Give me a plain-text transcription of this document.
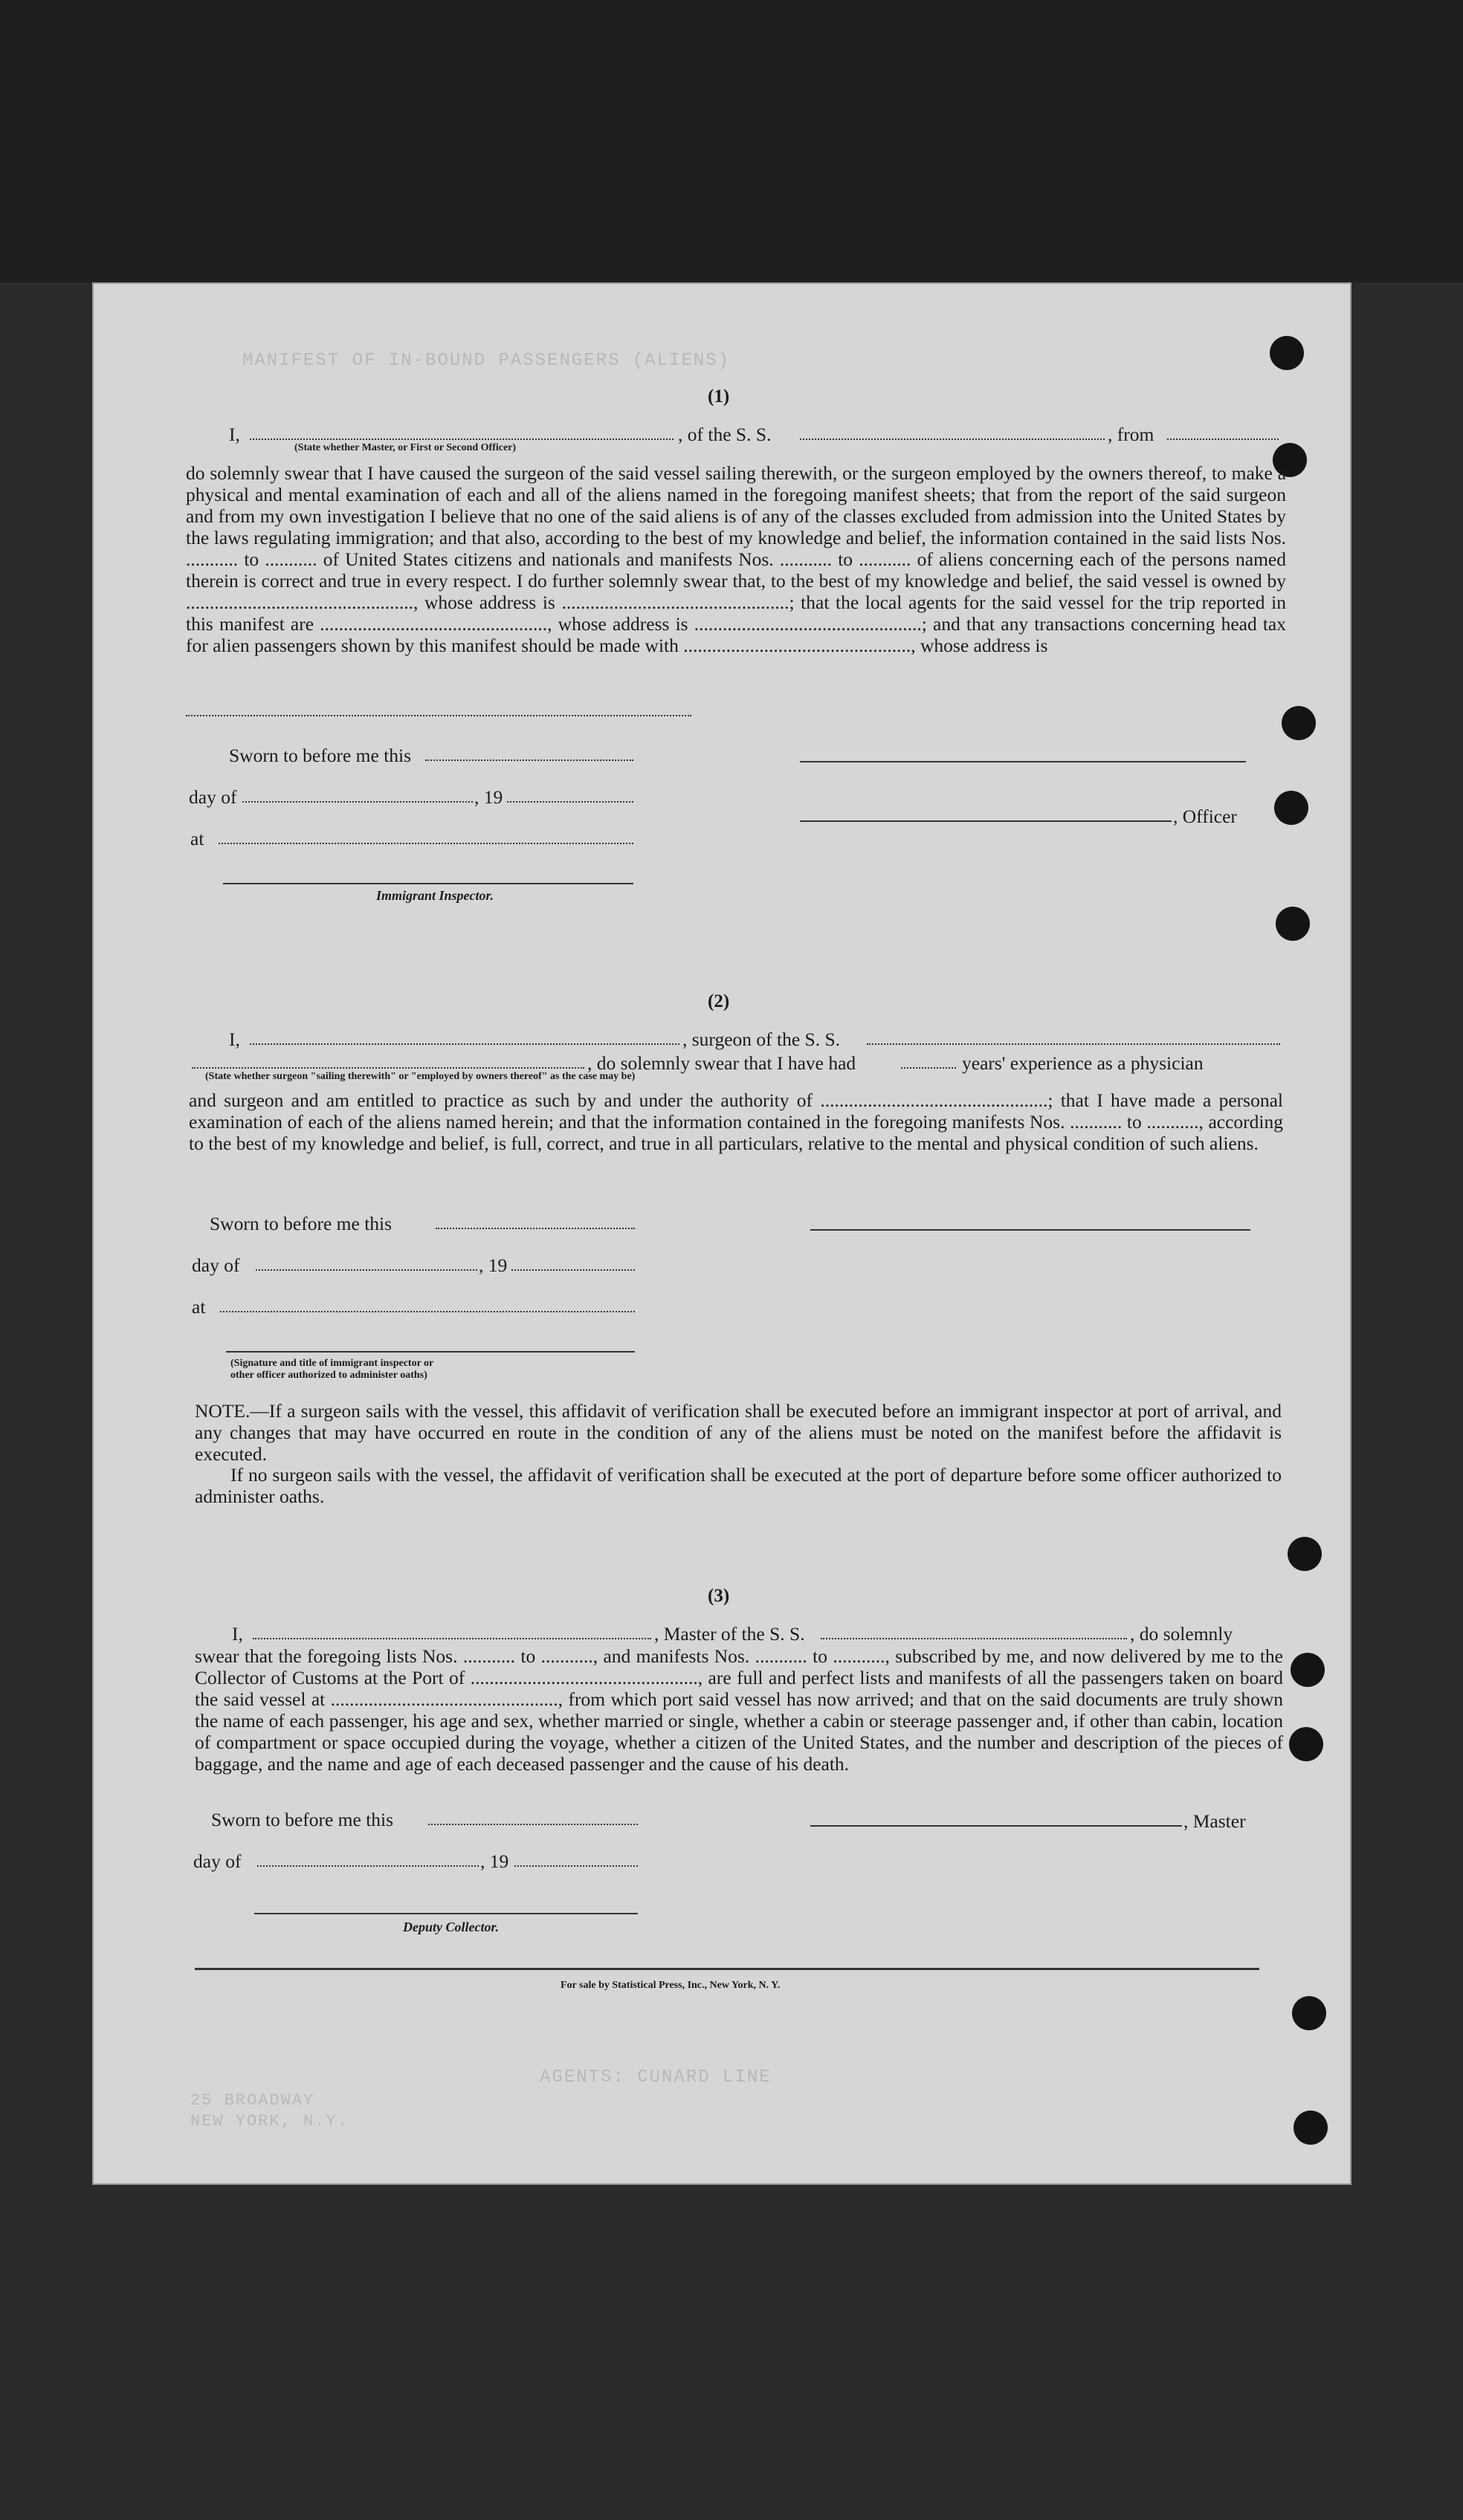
MANIFEST OF IN-BOUND PASSENGERS (ALIENS)
AGENTS: CUNARD LINE
25 BROADWAY
NEW YORK, N.Y.
(1)
I,	, of the S. S.	, from
(State whether Master, or First or Second Officer)
do solemnly swear that I have caused the surgeon of the said vessel sailing therewith, or the surgeon employed by the owners thereof, to make a physical and mental examination of each and all of the aliens named in the foregoing manifest sheets; that from the report of the said surgeon and from my own investigation I believe that no one of the said aliens is of any of the classes excluded from admission into the United States by the laws regulating immigration; and that also, according to the best of my knowledge and belief, the information contained in the said lists Nos. ........... to ........... of United States citizens and nationals and manifests Nos. ........... to ........... of aliens concerning each of the persons named therein is correct and true in every respect. I do further solemnly swear that, to the best of my knowledge and belief, the said vessel is owned by ................................................, whose address is ................................................; that the local agents for the said vessel for the trip reported in this manifest are ................................................, whose address is ................................................; and that any transactions concerning head tax for alien passengers shown by this manifest should be made with ................................................, whose address is
Sworn to before me this
day of	, 19
at
Immigrant Inspector.
, Officer
(2)
I,	, surgeon of the S. S.
, do solemnly swear that I have had	years' experience as a physician
(State whether surgeon "sailing therewith" or "employed by owners thereof" as the case may be)
and surgeon and am entitled to practice as such by and under the authority of ................................................; that I have made a personal examination of each of the aliens named herein; and that the information contained in the foregoing manifests Nos. ........... to ..........., according to the best of my knowledge and belief, is full, correct, and true in all particulars, relative to the mental and physical condition of such aliens.
Sworn to before me this
day of	, 19
at
(Signature and title of immigrant inspector or
other officer authorized to administer oaths)
NOTE.—If a surgeon sails with the vessel, this affidavit of verification shall be executed before an immigrant inspector at port of arrival, and any changes that may have occurred en route in the condition of any of the aliens must be noted on the manifest before the affidavit is executed.
If no surgeon sails with the vessel, the affidavit of verification shall be executed at the port of departure before some officer authorized to administer oaths.
(3)
I,	, Master of the S. S.	, do solemnly
swear that the foregoing lists Nos. ........... to ..........., and manifests Nos. ........... to ..........., subscribed by me, and now delivered by me to the Collector of Customs at the Port of ................................................, are full and perfect lists and manifests of all the passengers taken on board the said vessel at ................................................, from which port said vessel has now arrived; and that on the said documents are truly shown the name of each passenger, his age and sex, whether married or single, whether a cabin or steerage passenger and, if other than cabin, location of compartment or space occupied during the voyage, whether a citizen of the United States, and the number and description of the pieces of baggage, and the name and age of each deceased passenger and the cause of his death.
Sworn to before me this
day of	, 19
Deputy Collector.
, Master
For sale by Statistical Press, Inc., New York, N. Y.
